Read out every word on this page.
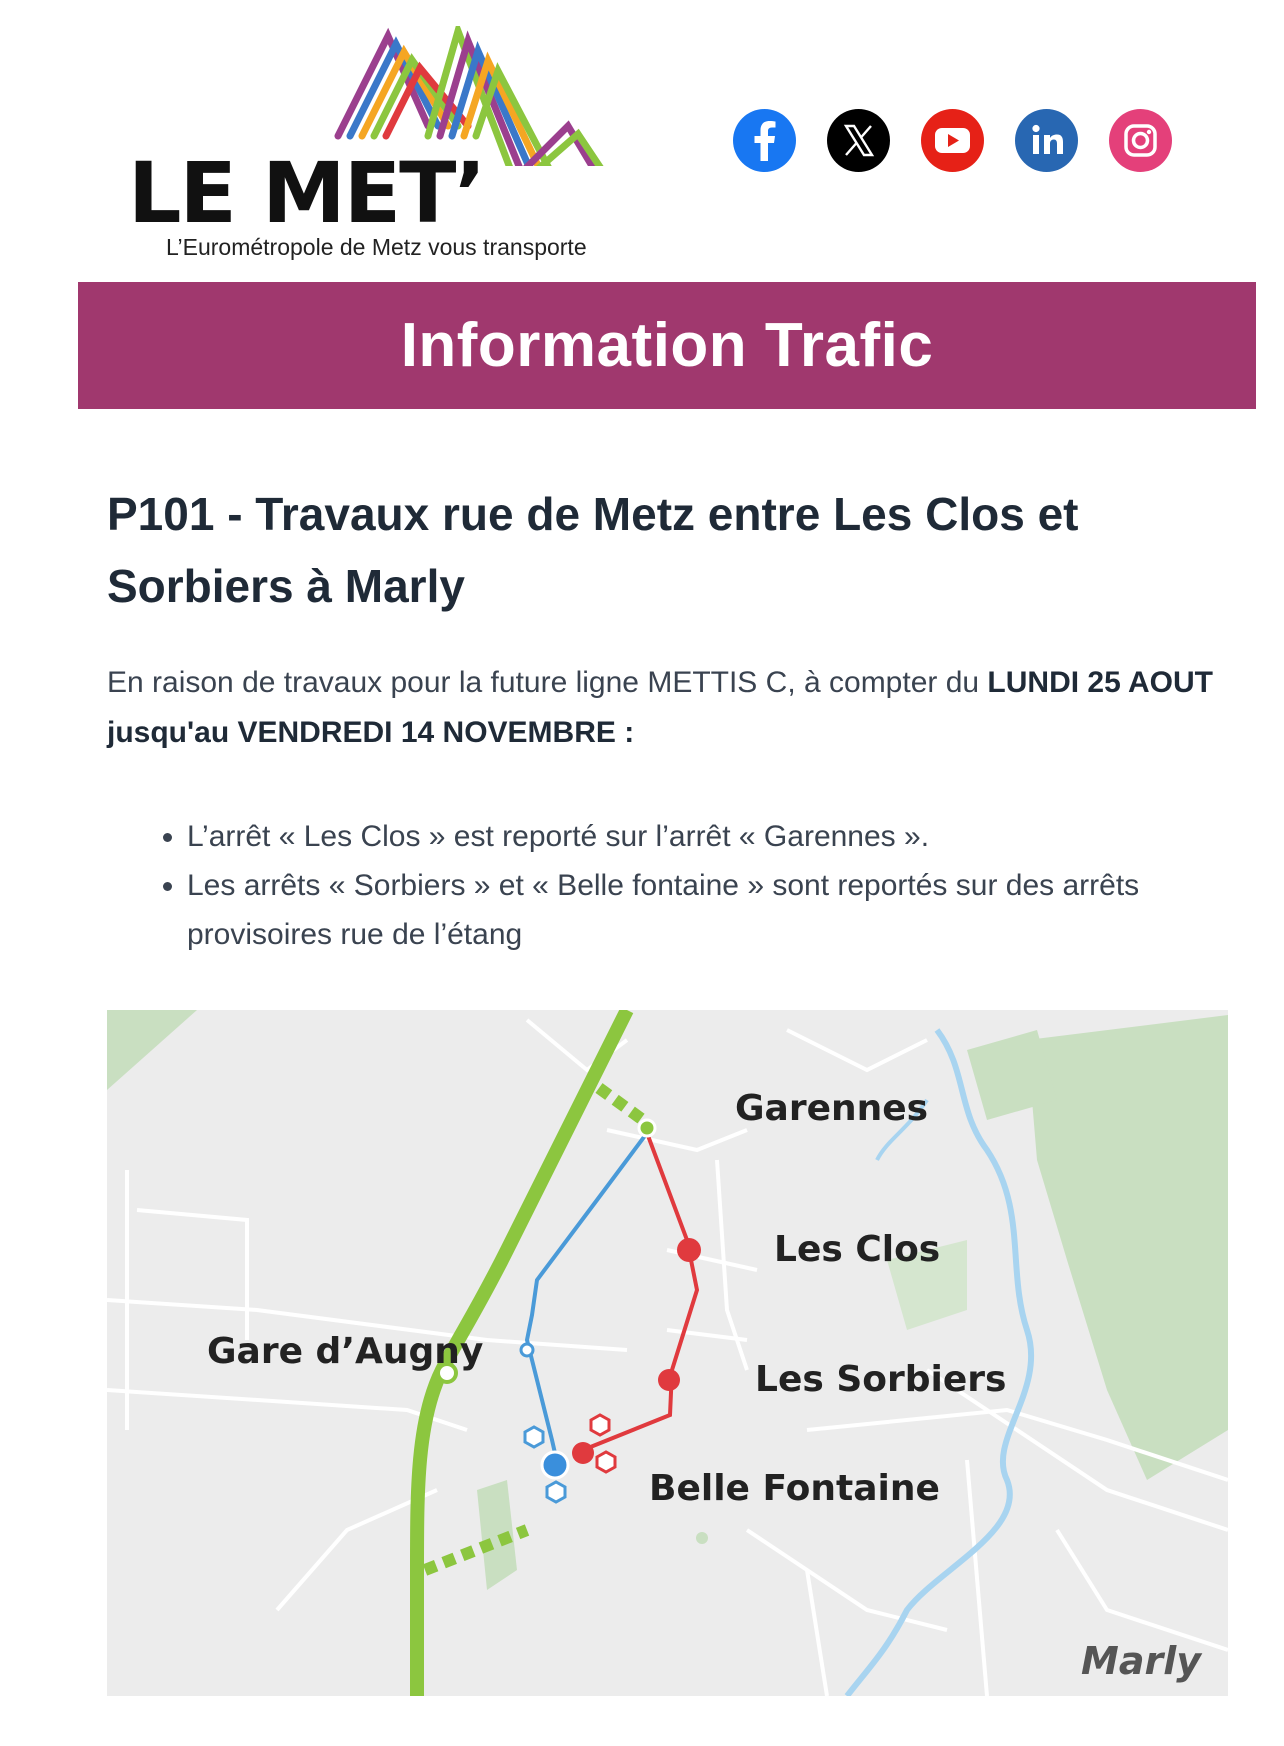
LE MET’
L’Eurométropole de Metz vous transporte
Information Trafic
P101 - Travaux rue de Metz entre Les Clos et Sorbiers à Marly

En raison de travaux pour la future ligne METTIS C, à compter du LUNDI 25 AOUT jusqu'au VENDREDI 14 NOVEMBRE :

• L’arrêt « Les Clos » est reporté sur l’arrêt « Garennes ».
• Les arrêts « Sorbiers » et « Belle fontaine » sont reportés sur des arrêts provisoires rue de l’étang
Garennes
Les Clos
Gare d’Augny
Les Sorbiers
Belle Fontaine
Marly
